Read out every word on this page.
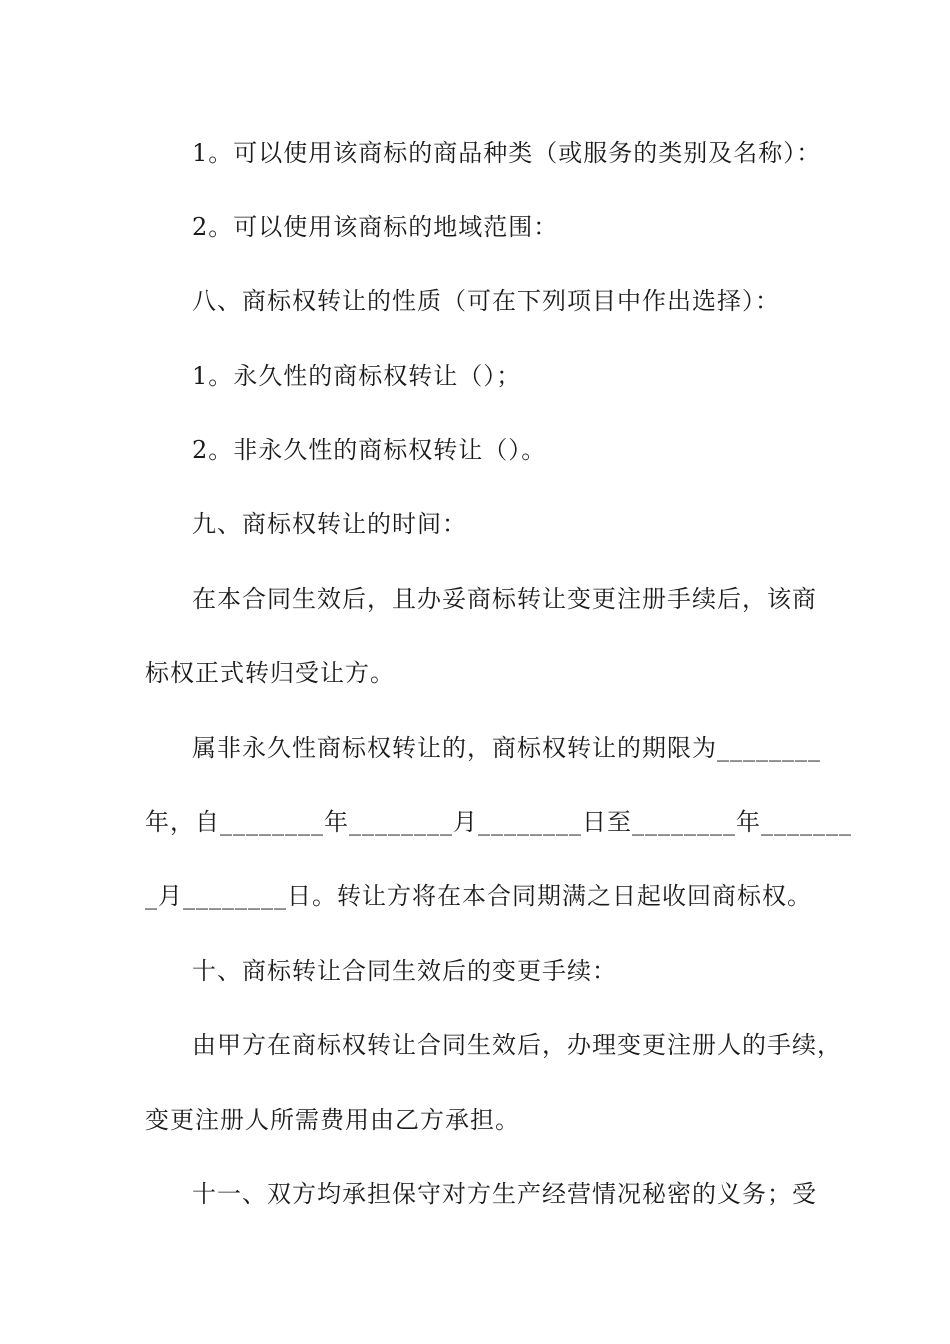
1。可以使用该商标的商品种类（或服务的类别及名称）：
2。可以使用该商标的地域范围：
八、商标权转让的性质（可在下列项目中作出选择）：
1。永久性的商标权转让（）；
2。非永久性的商标权转让（）。
九、商标权转让的时间：
在本合同生效后，且办妥商标转让变更注册手续后，该商
标权正式转归受让方。
属非永久性商标权转让的，商标权转让的期限为________
年，自________年________月________日至________年_______
_月________日。转让方将在本合同期满之日起收回商标权。
十、商标转让合同生效后的变更手续：
由甲方在商标权转让合同生效后，办理变更注册人的手续，
变更注册人所需费用由乙方承担。
十一、双方均承担保守对方生产经营情况秘密的义务；受
